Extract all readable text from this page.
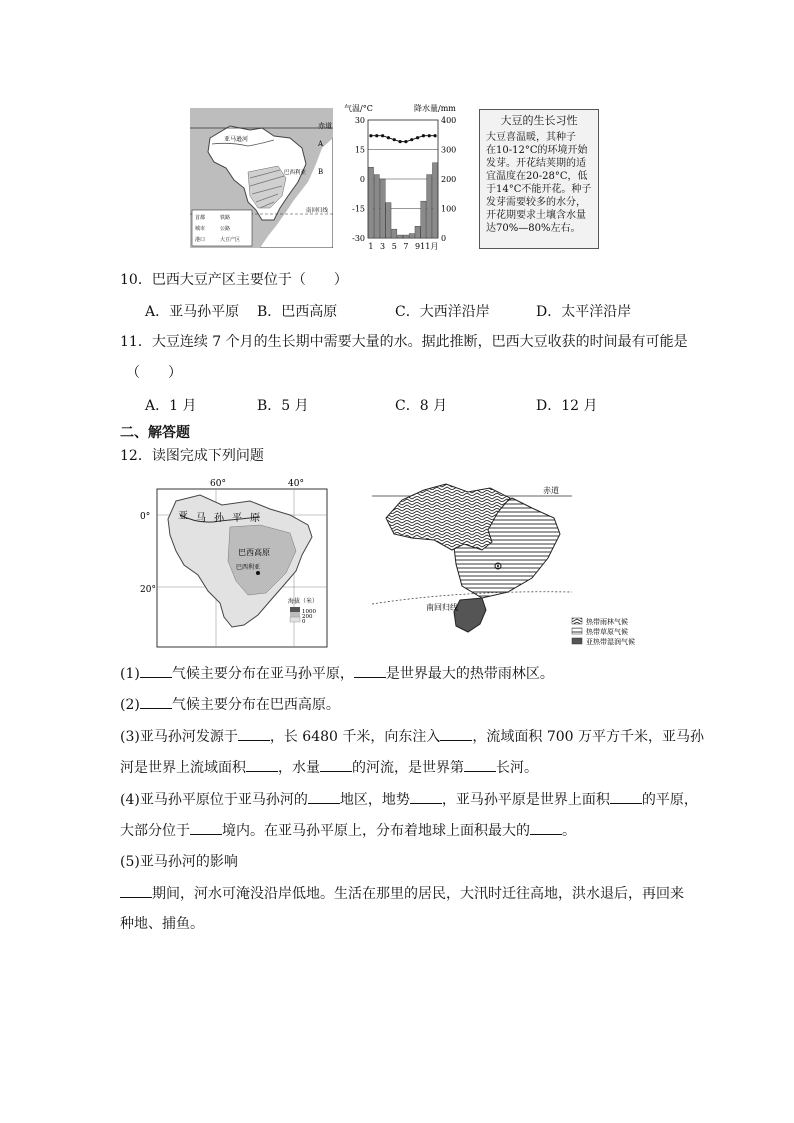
赤道
亚马逊河
A
B
巴西利亚
南回归线
首都	铁路
城市	公路
港口	大豆产区
气温/°C	降水量/mm
30
15
0
-15
-30
400
300
200
100
0
1 3 5 7 9 11月
大豆的生长习性
大豆喜温暖，其种子
在10-12°C的环境开始
发芽。开花结荚期的适
宜温度在20-28°C，低
于14°C不能开花。种子
发芽需要较多的水分，
开花期要求土壤含水量
达70%—80%左右。
10．巴西大豆产区主要位于（　　）
A．亚马孙平原 B．巴西高原	C．大西洋沿岸	D．太平洋沿岸
11．大豆连续 7 个月的生长期中需要大量的水。据此推断，巴西大豆收获的时间最有可能是
（　　）
A．1 月	B．5 月	C．8 月	D．12 月
二、解答题
12．读图完成下列问题
60°	40°
0°
20°
亚 马 孙 平 原
巴西高原
巴西利亚
海拔（米）
1000
200
0
赤道
南回归线
热带雨林气候
热带草原气候
亚热带湿润气候
(1) 气候主要分布在亚马孙平原， 是世界最大的热带雨林区。
(2) 气候主要分布在巴西高原。
(3)亚马孙河发源于 ，长 6480 千米，向东注入 ，流域面积 700 万平方千米，亚马孙
河是世界上流域面积 ，水量 的河流，是世界第 长河。
(4)亚马孙平原位于亚马孙河的 地区，地势 ，亚马孙平原是世界上面积 的平原，
大部分位于 境内。在亚马孙平原上，分布着地球上面积最大的 。
(5)亚马孙河的影响
期间，河水可淹没沿岸低地。生活在那里的居民，大汛时迁往高地，洪水退后，再回来
种地、捕鱼。
